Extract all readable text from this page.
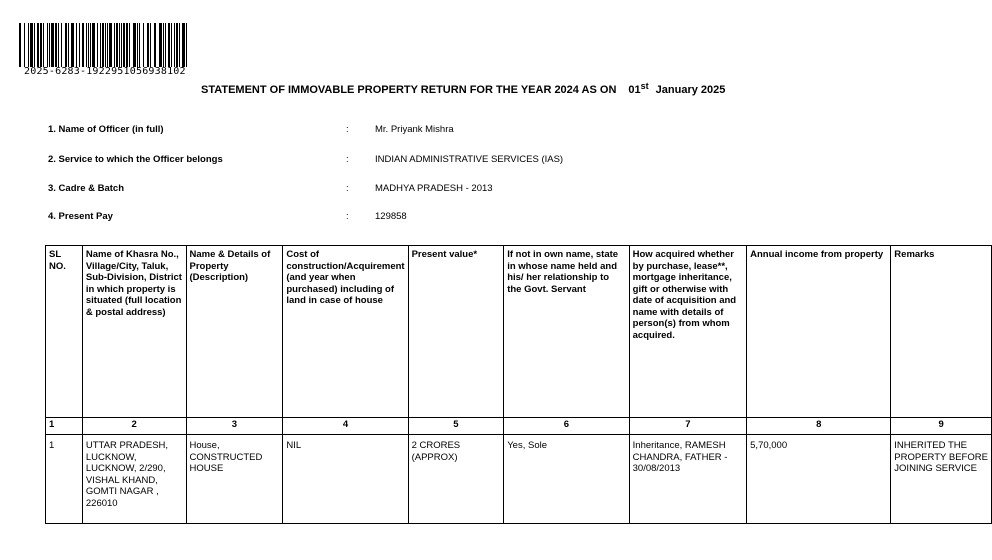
2025-6283-1922951056938102
STATEMENT OF IMMOVABLE PROPERTY RETURN FOR THE YEAR 2024 AS ON 01st January 2025
1. Name of Officer (in full)	:	Mr. Priyank Mishra
2. Service to which the Officer belongs	:	INDIAN ADMINISTRATIVE SERVICES (IAS)
3. Cadre & Batch	:	MADHYA PRADESH - 2013
4. Present Pay	:	129858
SL NO.	Name of Khasra No., Village/City, Taluk, Sub-Division, District in which property is situated (full location & postal address)	Name & Details of Property (Description)	Cost of construction/Acquirement (and year when purchased) including of land in case of house	Present value*	If not in own name, state in whose name held and his/ her relationship to the Govt. Servant	How acquired whether by purchase, lease**, mortgage inheritance, gift or otherwise with date of acquisition and name with details of person(s) from whom acquired.	Annual income from property	Remarks
1	2	3	4	5	6	7	8	9
1	UTTAR PRADESH, LUCKNOW, LUCKNOW, 2/290, VISHAL KHAND, GOMTI NAGAR , 226010	House, CONSTRUCTED HOUSE	NIL	2 CRORES (APPROX)	Yes, Sole	Inheritance, RAMESH CHANDRA, FATHER - 30/08/2013	5,70,000	INHERITED THE PROPERTY BEFORE JOINING SERVICE
